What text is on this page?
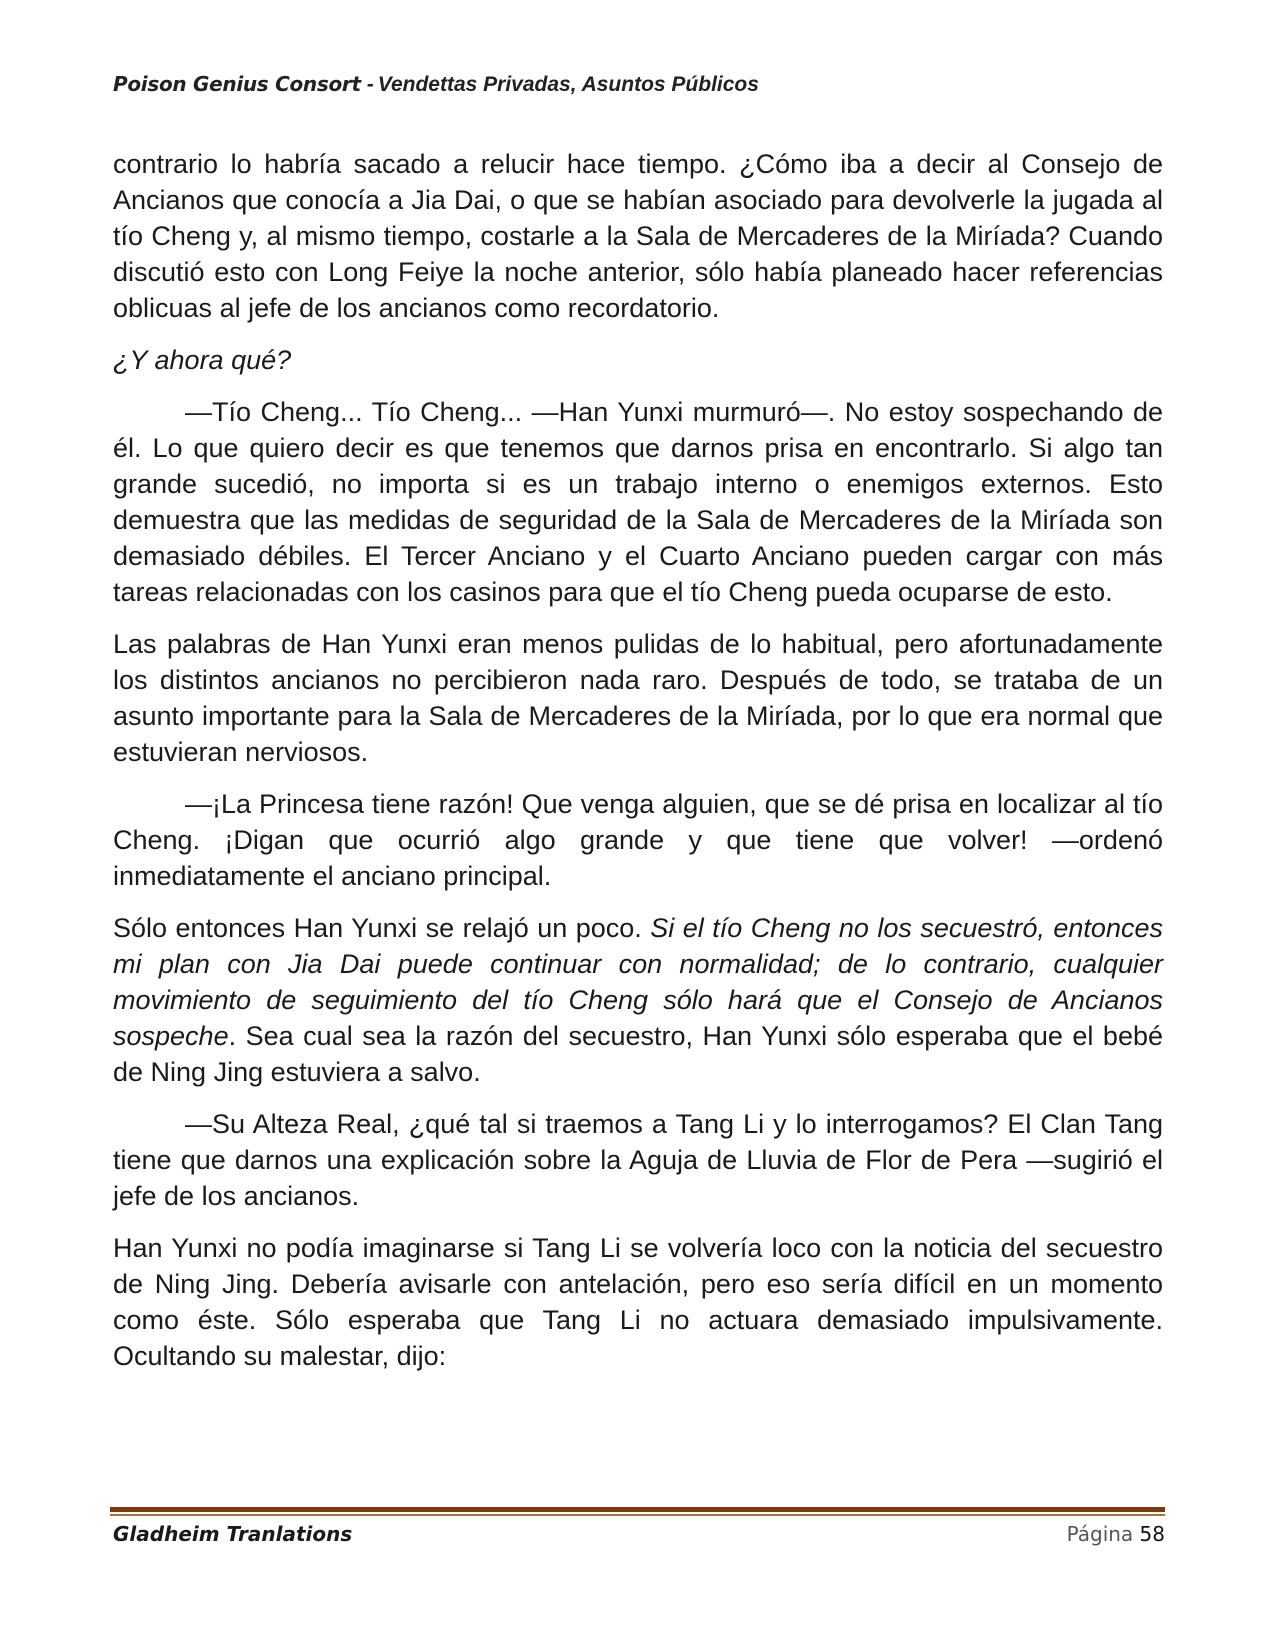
Poison Genius Consort - Vendettas Privadas, Asuntos Públicos

contrario lo habría sacado a relucir hace tiempo. ¿Cómo iba a decir al Consejo de Ancianos que conocía a Jia Dai, o que se habían asociado para devolverle la jugada al tío Cheng y, al mismo tiempo, costarle a la Sala de Mercaderes de la Miríada? Cuando discutió esto con Long Feiye la noche anterior, sólo había planeado hacer referencias oblicuas al jefe de los ancianos como recordatorio.

¿Y ahora qué?

—Tío Cheng... Tío Cheng... —Han Yunxi murmuró—. No estoy sospechando de él. Lo que quiero decir es que tenemos que darnos prisa en encontrarlo. Si algo tan grande sucedió, no importa si es un trabajo interno o enemigos externos. Esto demuestra que las medidas de seguridad de la Sala de Mercaderes de la Miríada son demasiado débiles. El Tercer Anciano y el Cuarto Anciano pueden cargar con más tareas relacionadas con los casinos para que el tío Cheng pueda ocuparse de esto.

Las palabras de Han Yunxi eran menos pulidas de lo habitual, pero afortunadamente los distintos ancianos no percibieron nada raro. Después de todo, se trataba de un asunto importante para la Sala de Mercaderes de la Miríada, por lo que era normal que estuvieran nerviosos.

—¡La Princesa tiene razón! Que venga alguien, que se dé prisa en localizar al tío Cheng. ¡Digan que ocurrió algo grande y que tiene que volver! —ordenó inmediatamente el anciano principal.

Sólo entonces Han Yunxi se relajó un poco. Si el tío Cheng no los secuestró, entonces mi plan con Jia Dai puede continuar con normalidad; de lo contrario, cualquier movimiento de seguimiento del tío Cheng sólo hará que el Consejo de Ancianos sospeche. Sea cual sea la razón del secuestro, Han Yunxi sólo esperaba que el bebé de Ning Jing estuviera a salvo.

—Su Alteza Real, ¿qué tal si traemos a Tang Li y lo interrogamos? El Clan Tang tiene que darnos una explicación sobre la Aguja de Lluvia de Flor de Pera —sugirió el jefe de los ancianos.

Han Yunxi no podía imaginarse si Tang Li se volvería loco con la noticia del secuestro de Ning Jing. Debería avisarle con antelación, pero eso sería difícil en un momento como éste. Sólo esperaba que Tang Li no actuara demasiado impulsivamente. Ocultando su malestar, dijo:

Gladheim Tranlations	Página 58
